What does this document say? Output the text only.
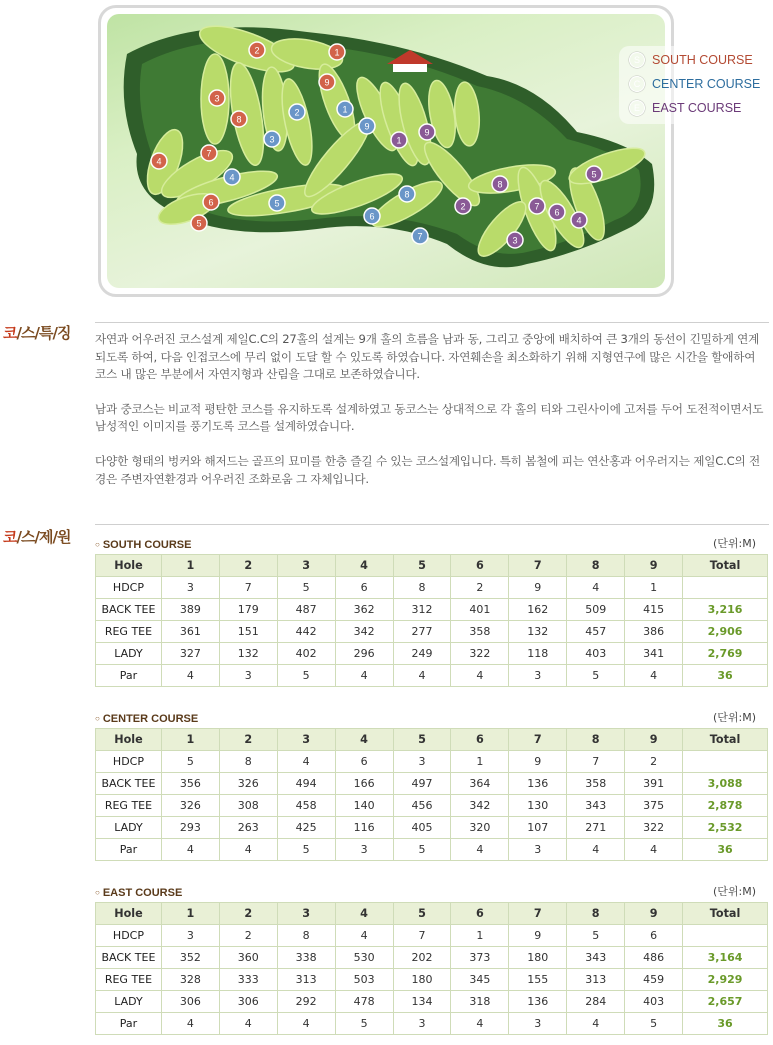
1
2
3
4
5
6
7
8
9
1
2
3
4
5
6
7
8
9
1
2
3
4
5
6
7
8
9
S SOUTH COURSE
C CENTER COURSE
E EAST COURSE
코/스/특/징 자연과 어우러진 코스설계 제일C.C의 27홀의 설계는 9개 홀의 흐름을 남과 동, 그리고 중앙에 배치하여 큰 3개의 동선이 긴밀하게 연계되도록 하여, 다음 인접코스에 무리 없이 도달 할 수 있도록 하였습니다. 자연훼손을 최소화하기 위해 지형연구에 많은 시간을 할애하여 코스 내 많은 부분에서 자연지형과 산림을 그대로 보존하였습니다.

남과 중코스는 비교적 평탄한 코스를 유지하도록 설계하였고 동코스는 상대적으로 각 홀의 티와 그린사이에 고저를 두어 도전적이면서도 남성적인 이미지를 풍기도록 코스를 설계하였습니다.

다양한 형태의 벙커와 해저드는 골프의 묘미를 한층 즐길 수 있는 코스설계입니다. 특히 봄철에 피는 연산홍과 어우러지는 제일C.C의 전경은 주변자연환경과 어우러진 조화로움 그 자체입니다.

코/스/제/원	○ SOUTH COURSE	(단위:M)
Hole	1	2	3	4	5	6	7	8	9	Total
HDCP	3	7	5	6	8	2	9	4	1	
BACK TEE	389	179	487	362	312	401	162	509	415	3,216
REG TEE	361	151	442	342	277	358	132	457	386	2,906
LADY	327	132	402	296	249	322	118	403	341	2,769
Par	4	3	5	4	4	4	3	5	4	36
○ CENTER COURSE	(단위:M)
Hole	1	2	3	4	5	6	7	8	9	Total
HDCP	5	8	4	6	3	1	9	7	2	
BACK TEE	356	326	494	166	497	364	136	358	391	3,088
REG TEE	326	308	458	140	456	342	130	343	375	2,878
LADY	293	263	425	116	405	320	107	271	322	2,532
Par	4	4	5	3	5	4	3	4	4	36
○ EAST COURSE	(단위:M)
Hole	1	2	3	4	5	6	7	8	9	Total
HDCP	3	2	8	4	7	1	9	5	6	
BACK TEE	352	360	338	530	202	373	180	343	486	3,164
REG TEE	328	333	313	503	180	345	155	313	459	2,929
LADY	306	306	292	478	134	318	136	284	403	2,657
Par	4	4	4	5	3	4	3	4	5	36
